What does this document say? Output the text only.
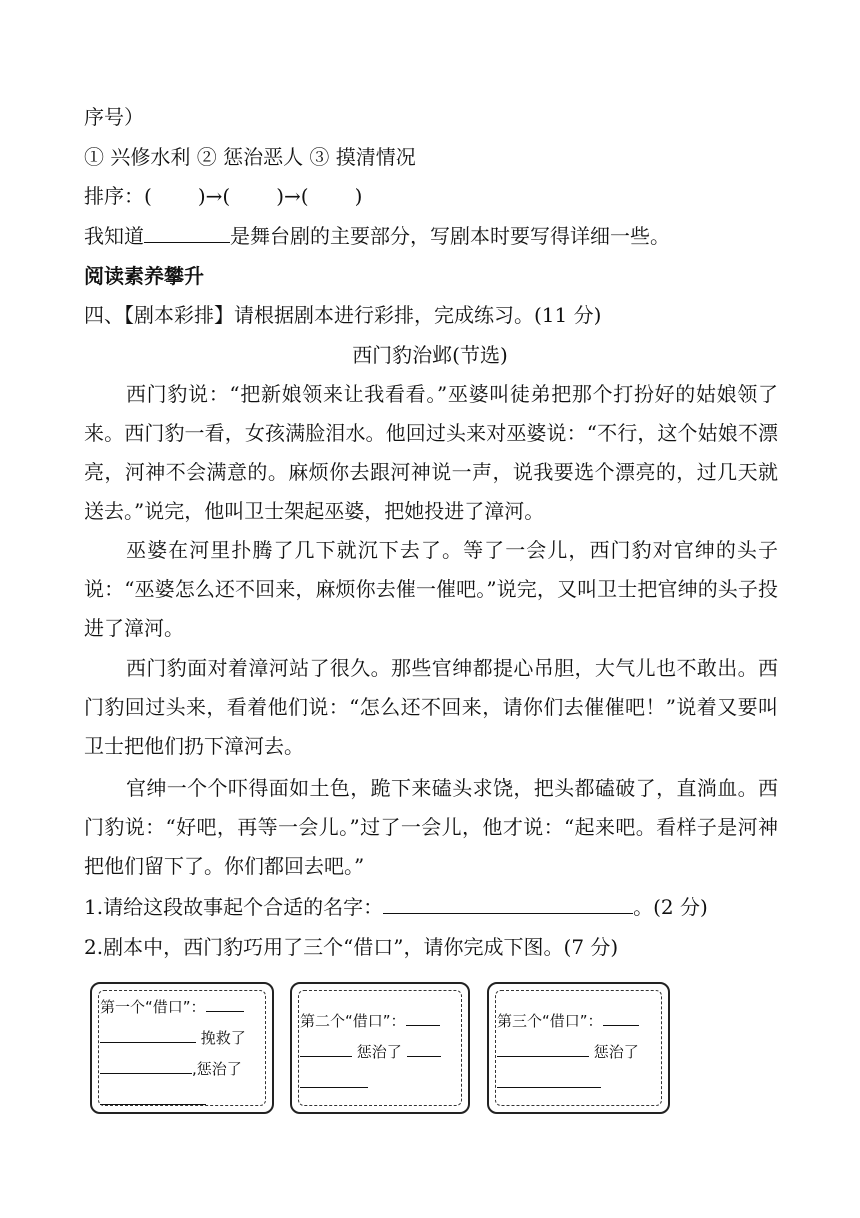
序号）
① 兴修水利 ② 惩治恶人 ③ 摸清情况
排序：( )→( )→( )
我知道	是舞台剧的主要部分，写剧本时要写得详细一些。
阅读素养攀升
四、【剧本彩排】请根据剧本进行彩排，完成练习。(11 分)
西门豹治邺(节选)
西门豹说：“把新娘领来让我看看。”巫婆叫徒弟把那个打扮好的姑娘领了来。西门豹一看，女孩满脸泪水。他回过头来对巫婆说：“不行，这个姑娘不漂亮，河神不会满意的。麻烦你去跟河神说一声，说我要选个漂亮的，过几天就送去。”说完，他叫卫士架起巫婆，把她投进了漳河。
巫婆在河里扑腾了几下就沉下去了。等了一会儿，西门豹对官绅的头子说：“巫婆怎么还不回来，麻烦你去催一催吧。”说完，又叫卫士把官绅的头子投进了漳河。
西门豹面对着漳河站了很久。那些官绅都提心吊胆，大气儿也不敢出。西门豹回过头来，看着他们说：“怎么还不回来，请你们去催催吧！”说着又要叫卫士把他们扔下漳河去。
官绅一个个吓得面如土色，跪下来磕头求饶，把头都磕破了，直淌血。西门豹说：“好吧，再等一会儿。”过了一会儿，他才说：“起来吧。看样子是河神把他们留下了。你们都回去吧。”
1.请给这段故事起个合适的名字：	。(2 分)
2.剧本中，西门豹巧用了三个“借口”，请你完成下图。(7 分)
第一个“借口”：
挽救了
,惩治了
第二个“借口”：
惩治了
第三个“借口”：
惩治了
